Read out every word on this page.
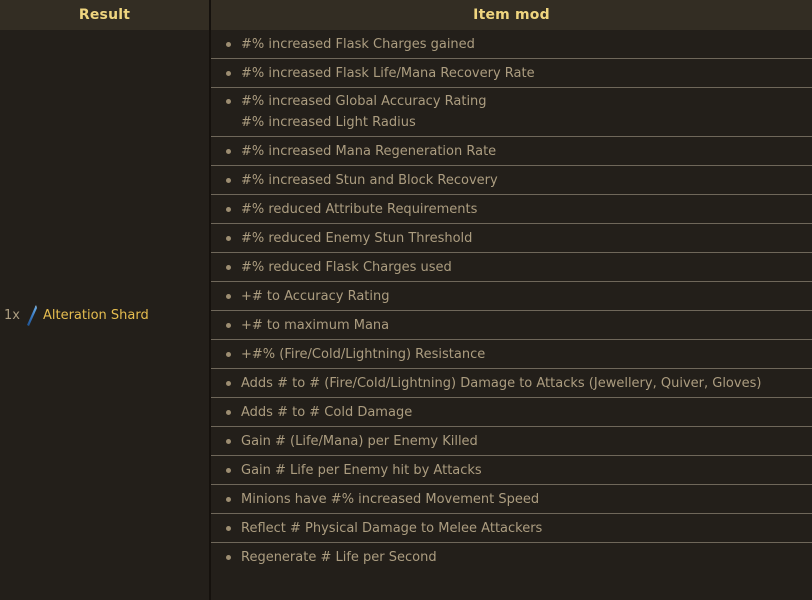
Result	Item mod
1x Alteration Shard
#% increased Flask Charges gained
#% increased Flask Life/Mana Recovery Rate
#% increased Global Accuracy Rating
#% increased Light Radius
#% increased Mana Regeneration Rate
#% increased Stun and Block Recovery
#% reduced Attribute Requirements
#% reduced Enemy Stun Threshold
#% reduced Flask Charges used
+# to Accuracy Rating
+# to maximum Mana
+#% (Fire/Cold/Lightning) Resistance
Adds # to # (Fire/Cold/Lightning) Damage to Attacks (Jewellery, Quiver, Gloves)
Adds # to # Cold Damage
Gain # (Life/Mana) per Enemy Killed
Gain # Life per Enemy hit by Attacks
Minions have #% increased Movement Speed
Reflect # Physical Damage to Melee Attackers
Regenerate # Life per Second
